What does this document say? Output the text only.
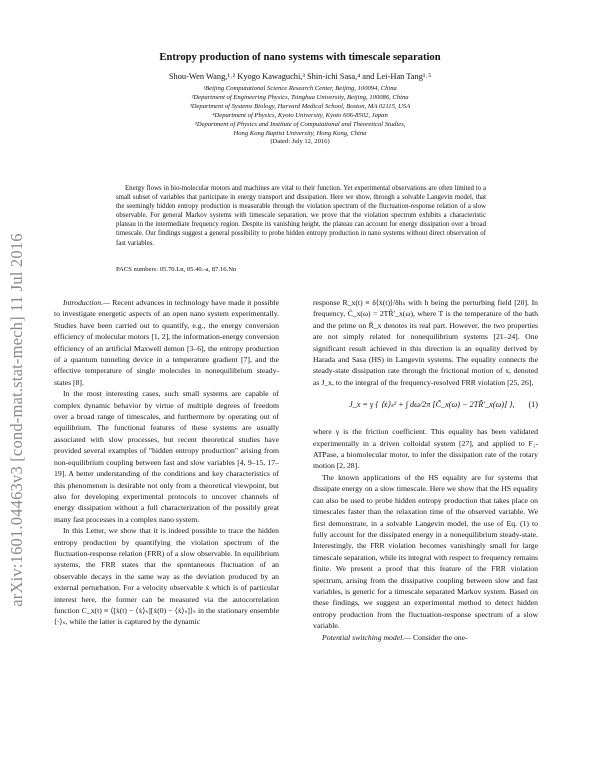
arXiv:1601.04463v3 [cond-mat.stat-mech] 11 Jul 2016
Entropy production of nano systems with timescale separation
Shou-Wen Wang,¹˒² Kyogo Kawaguchi,³ Shin-ichi Sasa,⁴ and Lei-Han Tang¹˒⁵
¹Beijing Computational Science Research Center, Beijing, 100094, China
²Department of Engineering Physics, Tsinghua University, Beijing, 100086, China
³Department of Systems Biology, Harvard Medical School, Boston, MA 02115, USA
⁴Department of Physics, Kyoto University, Kyoto 606-8502, Japan
⁵Department of Physics and Institute of Computational and Theoretical Studies,
Hong Kong Baptist University, Hong Kong, China
(Dated: July 12, 2016)
Energy flows in bio-molecular motors and machines are vital to their function. Yet experimental observations are often limited to a small subset of variables that participate in energy transport and dissipation. Here we show, through a solvable Langevin model, that the seemingly hidden entropy production is measurable through the violation spectrum of the fluctuation-response relation of a slow observable. For general Markov systems with timescale separation, we prove that the violation spectrum exhibits a characteristic plateau in the intermediate frequency region. Despite its vanishing height, the plateau can account for energy dissipation over a broad timescale. Our findings suggest a general possibility to probe hidden entropy production in nano systems without direct observation of fast variables.
PACS numbers: 05.70.Ln, 05.40.-a, 87.16.Nn

Introduction.— Recent advances in technology have made it possible to investigate energetic aspects of an open nano system experimentally. Studies have been carried out to quantify, e.g., the energy conversion efficiency of molecular motors [1, 2], the information-energy conversion efficiency of an artificial Maxwell demon [3–6], the entropy production of a quantum tunneling device in a temperature gradient [7], and the effective temperature of single molecules in nonequilibrium steady-states [8].

In the most interesting cases, such small systems are capable of complex dynamic behavior by virtue of multiple degrees of freedom over a broad range of timescales, and furthermore by operating out of equilibrium. The functional features of these systems are usually associated with slow processes, but recent theoretical studies have provided several examples of "hidden entropy production" arising from non-equilibrium coupling between fast and slow variables [4, 9–15, 17–19]. A better understanding of the conditions and key characteristics of this phenomenon is desirable not only from a theoretical viewpoint, but also for developing experimental protocols to uncover channels of energy dissipation without a full characterization of the possibly great many fast processes in a complex nano system.

In this Letter, we show that it is indeed possible to trace the hidden entropy production by quantifying the violation spectrum of the fluctuation-response relation (FRR) of a slow observable. In equilibrium systems, the FRR states that the spontaneous fluctuation of an observable decays in the same way as the deviation produced by an external perturbation. For a velocity observable ẋ which is of particular interest here, the former can be measured via the autocorrelation function C_x(t) ≡ ⟨[ẋ(t) − ⟨ẋ⟩ₛ][ẋ(0) − ⟨ẋ⟩ₛ]⟩ₛ in the stationary ensemble ⟨·⟩ₛ, while the latter is captured by the dynamic

response R_x(t) ≡ δ⟨ẋ(t)⟩/δhₛ with h being the perturbing field [20]. In frequency, C̃_x(ω) = 2TR̃′_x(ω), where T is the temperature of the bath and the prime on R̃_x denotes its real part. However, the two properties are not simply related for nonequilibrium systems [21–24]. One significant result achieved in this direction is an equality derived by Harada and Sasa (HS) in Langevin systems. The equality connects the steady-state dissipation rate through the frictional motion of x, denoted as J_x, to the integral of the frequency-resolved FRR violation [25, 26],

J_x = γ { ⟨ẋ⟩ₛ² + ∫ dω/2π [C̃_x(ω) − 2TR̃′_x(ω)] }, (1)

where γ is the friction coefficient. This equality has been validated experimentally in a driven colloidal system [27], and applied to F₁-ATPase, a biomolecular motor, to infer the dissipation rate of the rotary motion [2, 28].

The known applications of the HS equality are for systems that dissipate energy on a slow timescale. Here we show that the HS equality can also be used to probe hidden entropy production that takes place on timescales faster than the relaxation time of the observed variable. We first demonstrate, in a solvable Langevin model, the use of Eq. (1) to fully account for the dissipated energy in a nonequilibrium steady-state. Interestingly, the FRR violation becomes vanishingly small for large timescale separation, while its integral with respect to frequency remains finite. We present a proof that this feature of the FRR violation spectrum, arising from the dissipative coupling between slow and fast variables, is generic for a timescale separated Markov system. Based on these findings, we suggest an experimental method to detect hidden entropy production from the fluctuation-response spectrum of a slow variable.

Potential switching model.— Consider the one-
